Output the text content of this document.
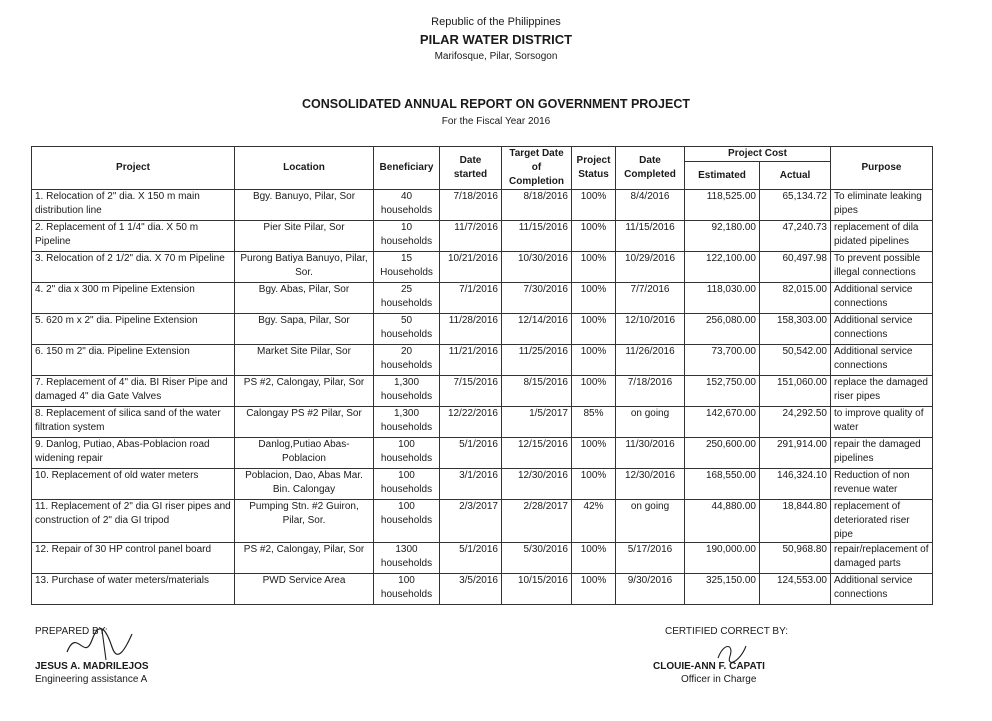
Republic of the Philippines
PILAR WATER DISTRICT
Marifosque, Pilar, Sorsogon
CONSOLIDATED ANNUAL REPORT ON GOVERNMENT PROJECT
For the Fiscal Year 2016
Project	Location	Beneficiary	Date started	Target Date of Completion	Project Status	Date Completed	Project Cost		Purpose
							Estimated	Actual	
1. Relocation of 2" dia. X 150 m main distribution line	Bgy. Banuyo, Pilar, Sor	40 households	7/18/2016	8/18/2016	100%	8/4/2016	118,525.00	65,134.72	To eliminate leaking pipes
2. Replacement of 1 1/4" dia. X 50 m Pipeline	Pier Site Pilar, Sor	10 households	11/7/2016	11/15/2016	100%	11/15/2016	92,180.00	47,240.73	replacement of dila pidated pipelines
3. Relocation of 2 1/2" dia. X 70 m Pipeline	Purong Batiya Banuyo, Pilar, Sor.	15 Households	10/21/2016	10/30/2016	100%	10/29/2016	122,100.00	60,497.98	To prevent possible illegal connections
4. 2" dia x 300 m Pipeline Extension	Bgy. Abas, Pilar, Sor	25 households	7/1/2016	7/30/2016	100%	7/7/2016	118,030.00	82,015.00	Additional service connections
5. 620 m x 2" dia. Pipeline Extension	Bgy. Sapa, Pilar, Sor	50 households	11/28/2016	12/14/2016	100%	12/10/2016	256,080.00	158,303.00	Additional service connections
6. 150 m 2" dia. Pipeline Extension	Market Site Pilar, Sor	20 households	11/21/2016	11/25/2016	100%	11/26/2016	73,700.00	50,542.00	Additional service connections
7. Replacement of 4" dia. BI Riser Pipe and damaged 4" dia Gate Valves	PS #2, Calongay, Pilar, Sor	1,300 households	7/15/2016	8/15/2016	100%	7/18/2016	152,750.00	151,060.00	replace the damaged riser pipes
8. Replacement of silica sand of the water filtration system	Calongay PS #2 Pilar, Sor	1,300 households	12/22/2016	1/5/2017	85%	on going	142,670.00	24,292.50	to improve quality of water
9. Danlog, Putiao, Abas-Poblacion road widening repair	Danlog,Putiao Abas-Poblacion	100 households	5/1/2016	12/15/2016	100%	11/30/2016	250,600.00	291,914.00	repair the damaged pipelines
10. Replacement of old water meters	Poblacion, Dao, Abas Mar. Bin. Calongay	100 households	3/1/2016	12/30/2016	100%	12/30/2016	168,550.00	146,324.10	Reduction of non revenue water
11. Replacement of 2" dia GI riser pipes and construction of 2" dia GI tripod	Pumping Stn. #2 Guiron, Pilar, Sor.	100 households	2/3/2017	2/28/2017	42%	on going	44,880.00	18,844.80	replacement of deteriorated riser pipe
12. Repair of 30 HP control panel board	PS #2, Calongay, Pilar, Sor	1300 households	5/1/2016	5/30/2016	100%	5/17/2016	190,000.00	50,968.80	repair/replacement of damaged parts
13. Purchase of water meters/materials	PWD Service Area	100 households	3/5/2016	10/15/2016	100%	9/30/2016	325,150.00	124,553.00	Additional service connections
PREPARED BY:
JESUS A. MADRILEJOS
Engineering assistance A
CERTIFIED CORRECT BY:
CLOUIE-ANN F. CAPATI
Officer in Charge
